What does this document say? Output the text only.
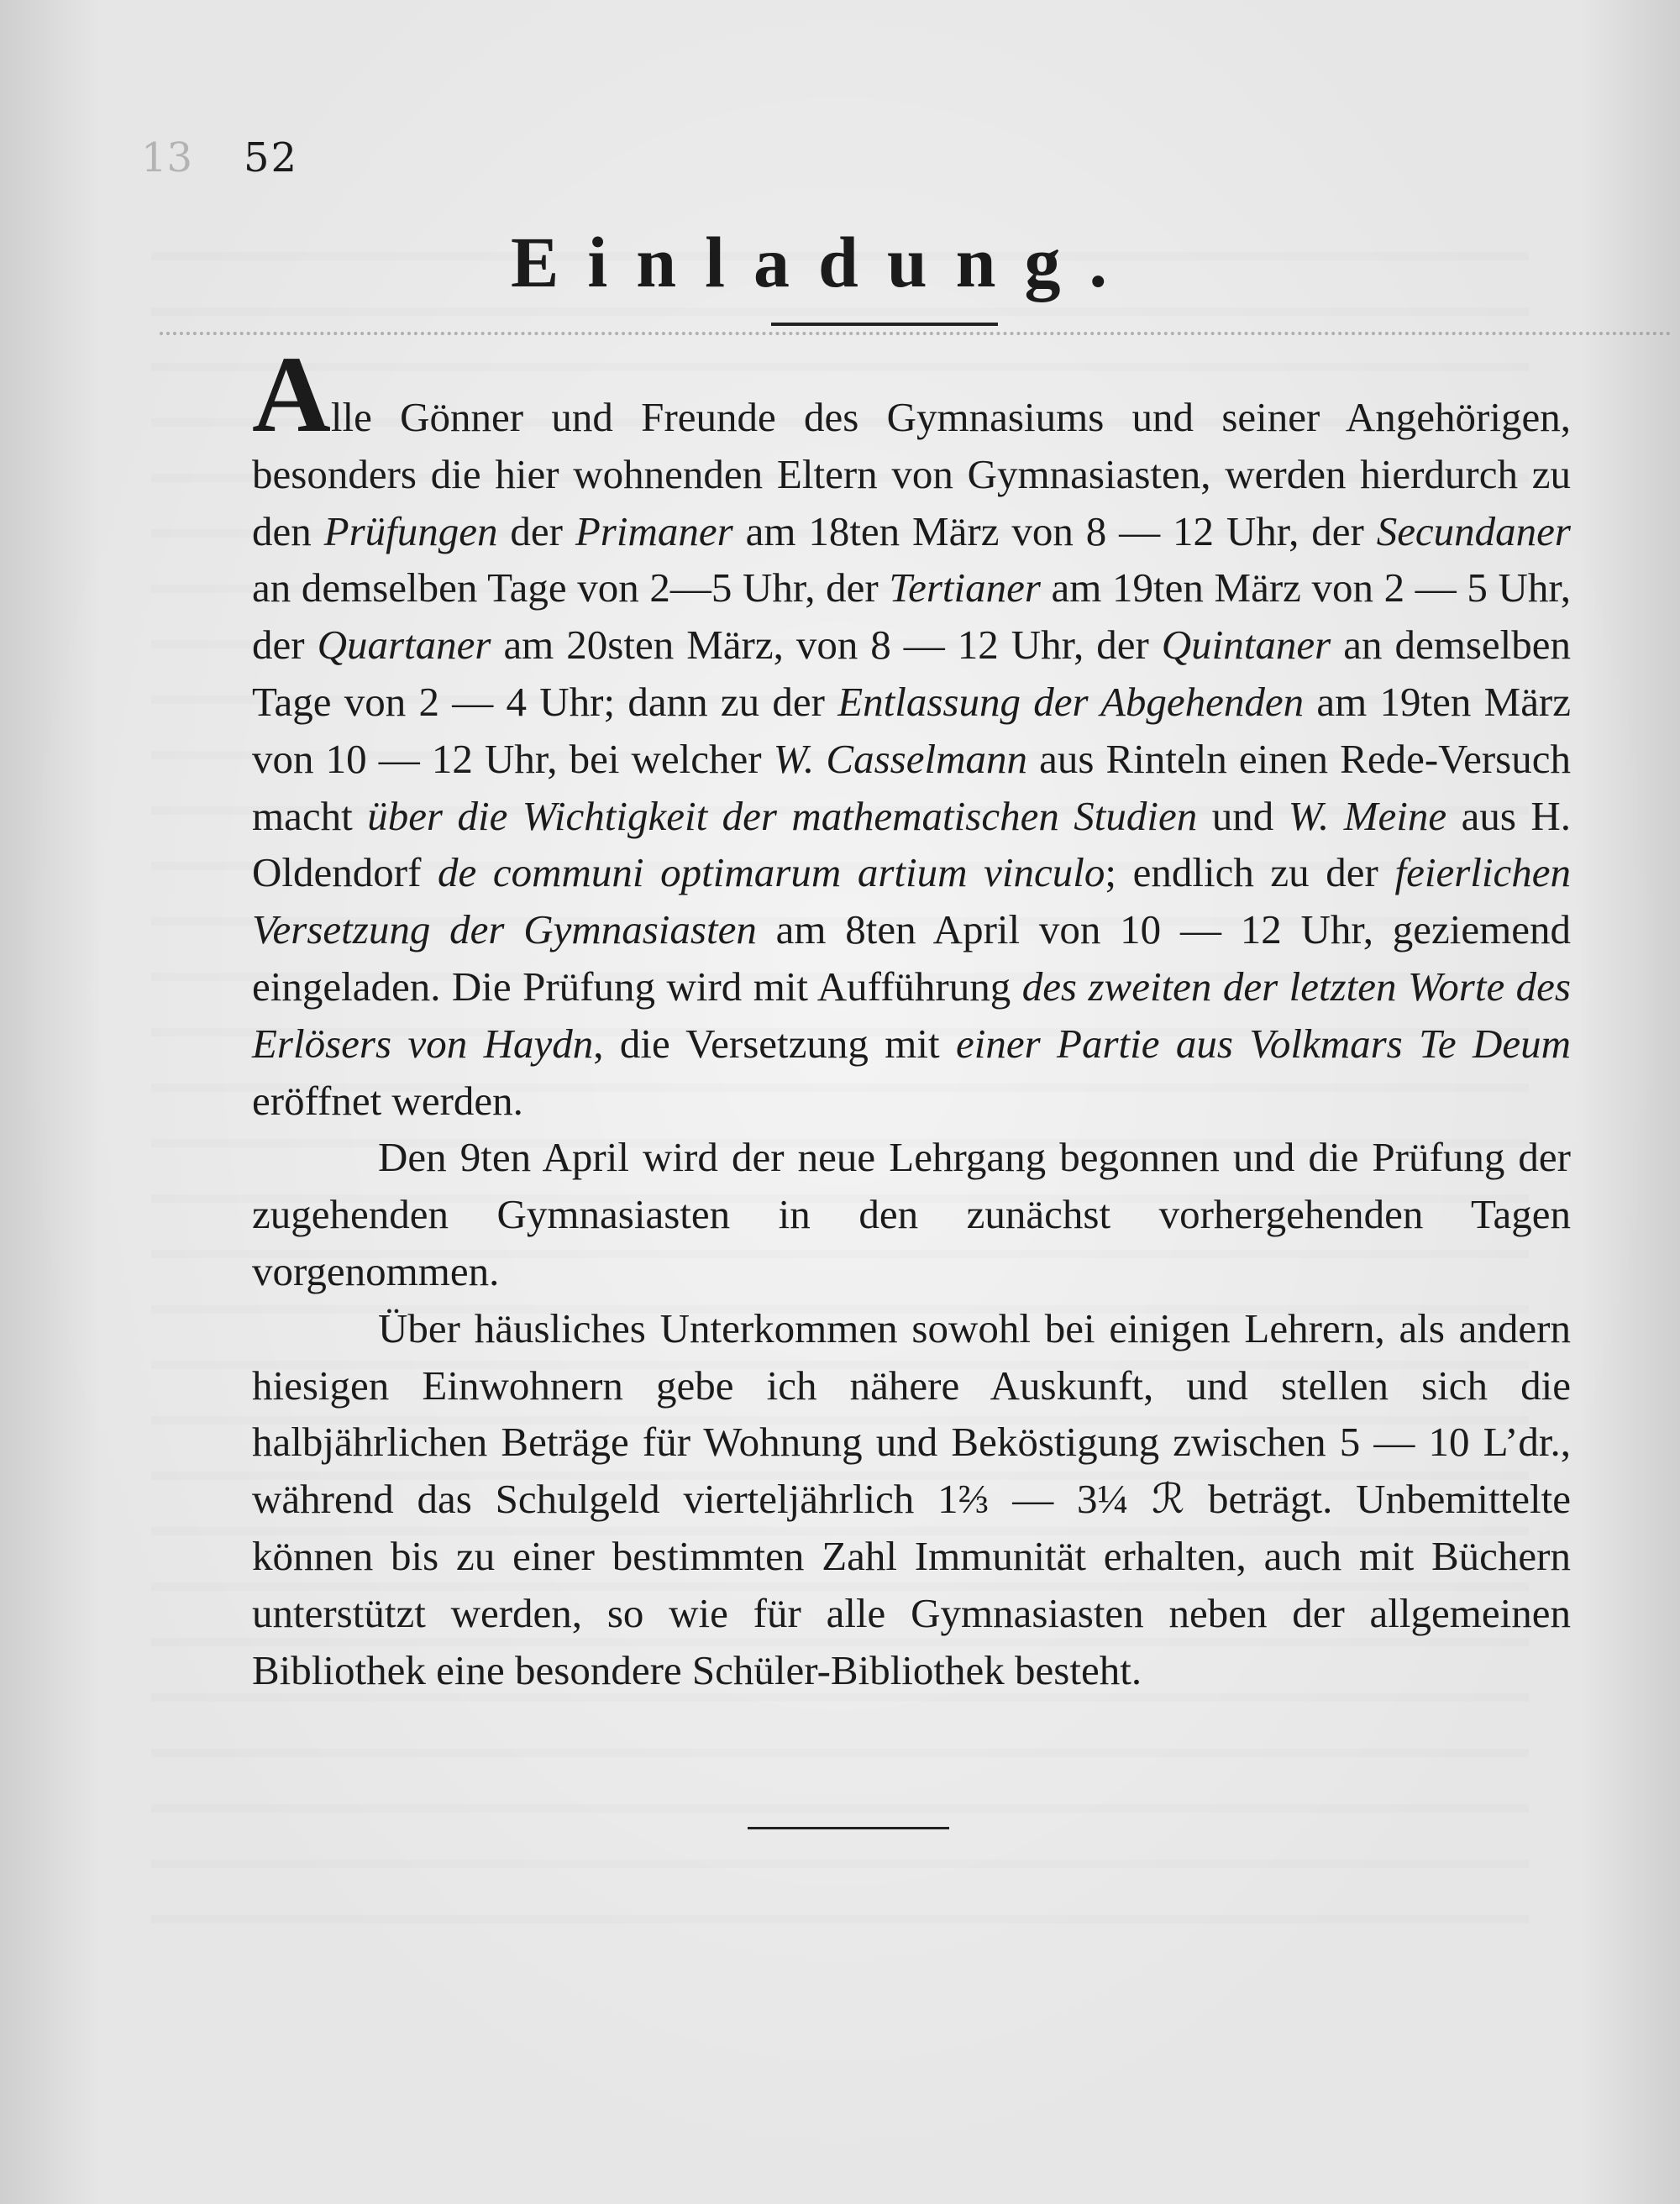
13 52
Einladung.

Alle Gönner und Freunde des Gymnasiums und seiner Angehörigen, besonders die hier wohnenden Eltern von Gymnasiasten, werden hierdurch zu den Prüfungen der Primaner am 18ten März von 8 — 12 Uhr, der Secundaner an demselben Tage von 2—5 Uhr, der Tertianer am 19ten März von 2 — 5 Uhr, der Quartaner am 20sten März, von 8 — 12 Uhr, der Quintaner an demselben Tage von 2 — 4 Uhr; dann zu der Entlassung der Abgehenden am 19ten März von 10 — 12 Uhr, bei welcher W. Casselmann aus Rinteln einen Rede-Versuch macht über die Wichtigkeit der mathematischen Studien und W. Meine aus H. Oldendorf de communi optimarum artium vinculo; endlich zu der feierlichen Versetzung der Gymnasiasten am 8ten April von 10 — 12 Uhr, geziemend eingeladen. Die Prüfung wird mit Aufführung des zweiten der letzten Worte des Erlösers von Haydn, die Versetzung mit einer Partie aus Volkmars Te Deum eröffnet werden.

Den 9ten April wird der neue Lehrgang begonnen und die Prüfung der zugehenden Gymnasiasten in den zunächst vorhergehenden Tagen vorgenommen.

Über häusliches Unterkommen sowohl bei einigen Lehrern, als andern hiesigen Einwohnern gebe ich nähere Auskunft, und stellen sich die halbjährlichen Beträge für Wohnung und Beköstigung zwischen 5 — 10 L’dr., während das Schulgeld vierteljährlich 1⅔ — 3¼ ℛ beträgt. Unbemittelte können bis zu einer bestimmten Zahl Immunität erhalten, auch mit Büchern unterstützt werden, so wie für alle Gymnasiasten neben der allgemeinen Bibliothek eine besondere Schüler-Bibliothek besteht.
